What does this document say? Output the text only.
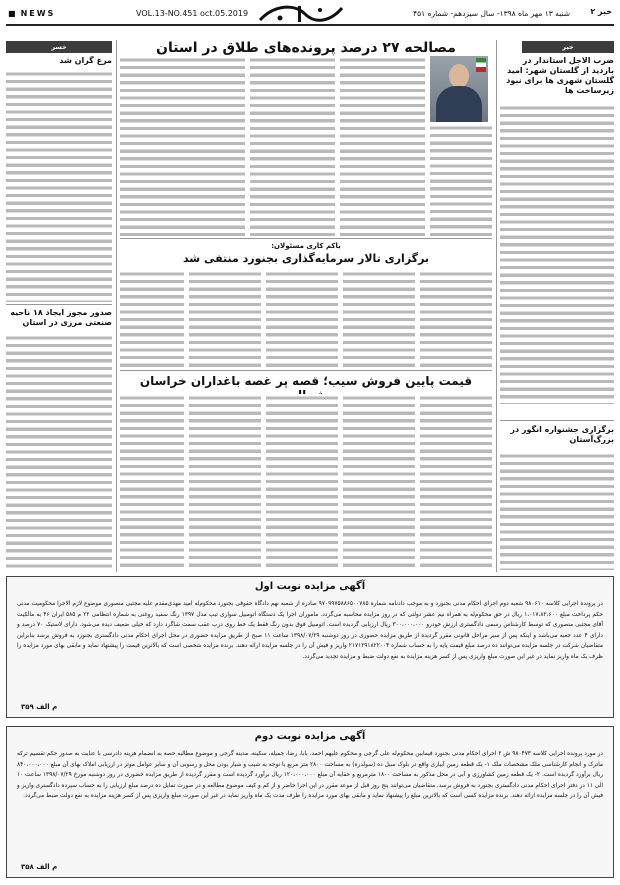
■ NEWS	VOL.13-NO.451 oct.05.2019	شنبه ۱۳ مهر ماه ۱۳۹۸- سال سیزدهم- شماره ۴۵۱	خبر ۲
خبر
ضرب الاجل استاندار در بازدید از گلستان شهر: امید گلستان شهری ها برای نبود زیرساخت ها
برگزاری جشنواره انگور در بزرگ‌آستان
مصالحه ۲۷ درصد پرونده‌های طلاق در استان
باکم کاری مسئولان:
برگزاری تالار سرمایه‌گذاری بجنورد منتفی شد
قیمت پایین فروش سیب؛ قصه پر غصه باغداران خراسان
خسر
مرغ گران شد
صدور مجوز ایجاد ۱۸ ناحیه صنعتی مرزی در استان
آگهی مزایده نوبت اول
در پرونده اجرایی کلاسه ۹۸۰۶۱۰ شعبه دوم اجرای احکام مدنی بجنورد و به موجب دادنامه شماره ۹۷۰۹۹۷۵۸۸۶۵۰۰۷۸۵ صادره از شعبه نهم دادگاه حقوقی بجنورد محکوم‌له امید مهدی‌مقدم علیه مجتبی منصوری موضوع لازم الاجرا محکومیت مدنی حکم پرداخت مبلغ ۱،۰۱۷،۸۲،۶۰۰ ریال در حق محکوم‌له به همراه نیم عشر دولتی که در روز مزایده محاسبه می‌گردد. ماموران اجرا یک دستگاه اتومبیل سواری تیپ مدل ۱۳۹۷ رنگ سفید روغنی به شماره انتظامی ۲۲ م ۵۸۵ ایران ۴۶ به مالکیت آقای مجتبی منصوری که توسط کارشناس رسمی دادگستری ارزش خودرو ۳۰۰،۰۰۰،۰۰۰ ریال ارزیابی گردیده است. اتومبیل فوق بدون رنگ فقط یک خط روی درب عقب سمت شاگرد دارد که خیلی ضعیف دیده می‌شود. دارای لاستیک ۷۰ درصد و دارای ۴ عدد جعبه می‌باشد و اینکه پس از سیر مراحل قانونی مقرر گردیده از طریق مزایده حضوری در روز دوشنبه ۱۳۹۸/۰۷/۲۹ ساعت ۱۱ صبح از طریق مزایده حضوری در محل اجرای احکام مدنی دادگستری بجنورد به فروش برسد بنابراین متقاضیان شرکت در جلسه مزایده می‌توانند ده درصد مبلغ قیمت پایه را به حساب شماره ۲۱۷۱۲۹۱۸۲۲۰۰۴ واریز و فیش آن را در جلسه مزایده ارائه دهند. برنده مزایده شخصی است که بالاترین قیمت را پیشنهاد نماید و مابقی بهای مورد مزایده را ظرف یک ماه واریز نماید در غیر این صورت مبلغ واریزی پس از کسر هزینه مزایده به نفع دولت ضبط و مزایده تجدید می‌گردد.
م الف ۳۵۹
آگهی مزایده نوبت دوم
در مورد پرونده اجرایی کلاسه ۹۸۰۴۷۳ ش ۲ اجرای احکام مدنی بجنورد فیمابین محکوم‌له علی گرجی و محکوم علیهم احمد، بابا، رضا، جمیله، سکینه، مدینه گرجی و موضوع مطالبه حصه به انضمام هزینه دادرسی با عنایت به صدور حکم تقسیم ترکه ماترک و انجام کارشناسی ملک مشخصات ملک ۱- یک قطعه زمین آبیاری واقع در بلوک سیل ده (سولدره) به مساحت ۲۸۰۰ متر مربع با توجه به شیب و شیار بودن محل و رسوبی آن و سایر عوامل موثر در ارزیابی املاک بهای آن مبلغ ۸۴۰،۰۰۰،۰۰۰ ریال برآورد گردیده است. ۲- یک قطعه زمین کشاورزی و آبی در محل مذکور به مساحت ۱۸۰۰ مترمربع و حقابه آن مبلغ ۱۲۰،۰۰۰،۰۰۰ ریال برآورد گردیده است و مقرر گردیده از طریق مزایده حضوری در روز دوشنبه مورخ ۱۳۹۸/۰۷/۲۹ ساعت ۱۰ الی ۱۱ در دفتر اجرای احکام مدنی دادگستری بجنورد به فروش برسد. متقاضیان می‌توانند پنج روز قبل از موعد مقرر در این اجرا حاضر و از کم و کیف موضوع مطالعه و در صورت تمایل ده درصد مبلغ ارزیابی را به حساب سپرده دادگستری واریز و فیش آن را در جلسه مزایده ارائه دهند. برنده مزایده کسی است که بالاترین مبلغ را پیشنهاد نماید و مابقی بهای مورد مزایده را ظرف مدت یک ماه واریز نماید در غیر این صورت مبلغ واریزی پس از کسر هزینه مزایده به نفع دولت ضبط می‌گردد.
م الف ۳۵۸
